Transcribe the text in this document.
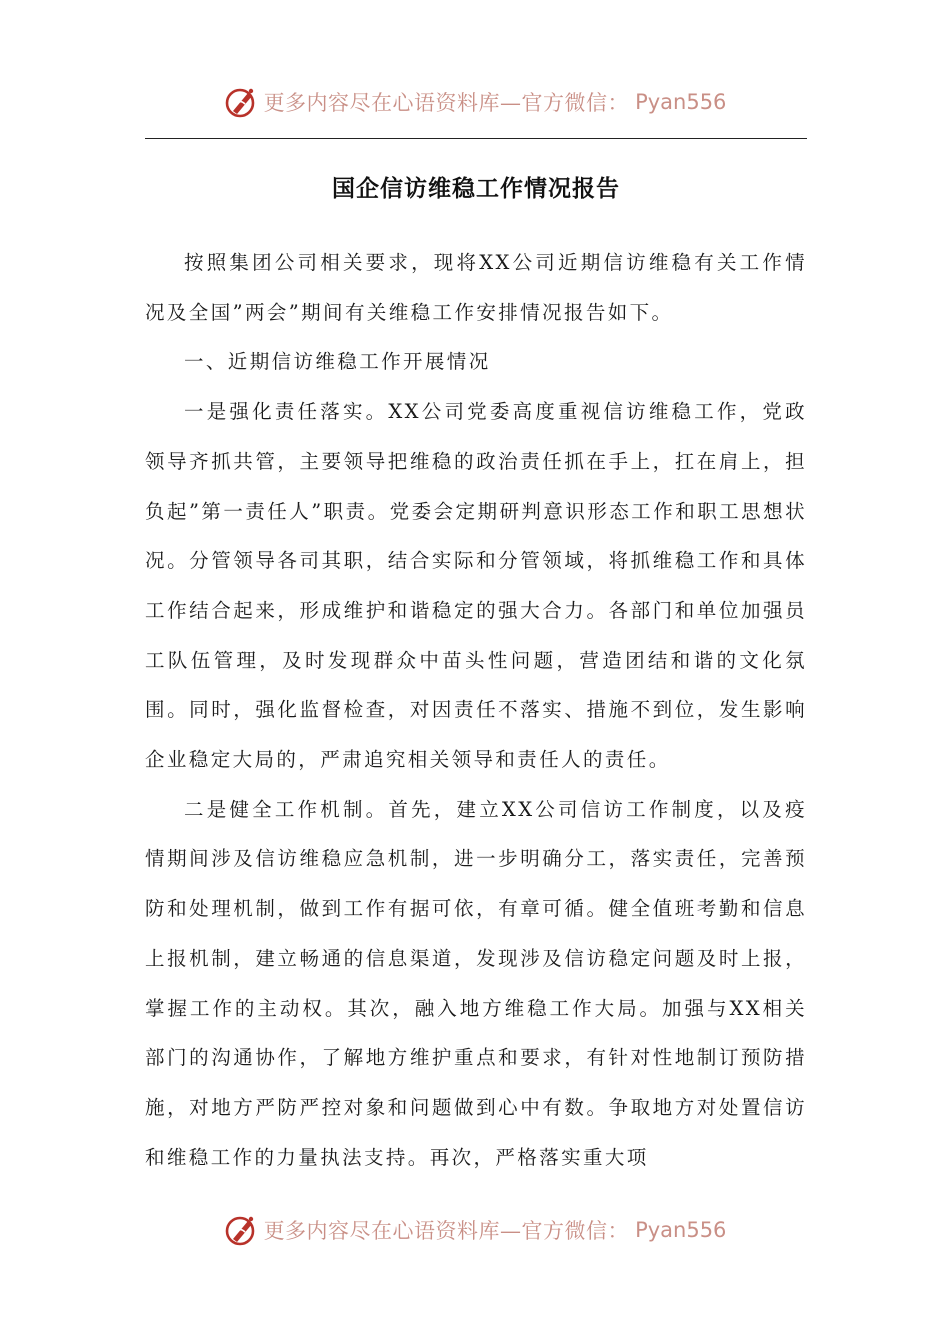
更多内容尽在心语资料库—官方微信： Pyan556
国企信访维稳工作情况报告

按照集团公司相关要求，现将XX公司近期信访维稳有关工作情况及全国”两会”期间有关维稳工作安排情况报告如下。

一、近期信访维稳工作开展情况

一是强化责任落实。XX公司党委高度重视信访维稳工作，党政领导齐抓共管，主要领导把维稳的政治责任抓在手上，扛在肩上，担负起”第一责任人”职责。党委会定期研判意识形态工作和职工思想状况。分管领导各司其职，结合实际和分管领域，将抓维稳工作和具体工作结合起来，形成维护和谐稳定的强大合力。各部门和单位加强员工队伍管理，及时发现群众中苗头性问题，营造团结和谐的文化氛围。同时，强化监督检查，对因责任不落实、措施不到位，发生影响企业稳定大局的，严肃追究相关领导和责任人的责任。

二是健全工作机制。首先，建立XX公司信访工作制度，以及疫情期间涉及信访维稳应急机制，进一步明确分工，落实责任，完善预防和处理机制，做到工作有据可依，有章可循。健全值班考勤和信息上报机制，建立畅通的信息渠道，发现涉及信访稳定问题及时上报，掌握工作的主动权。其次，融入地方维稳工作大局。加强与XX相关部门的沟通协作，了解地方维护重点和要求，有针对性地制订预防措施，对地方严防严控对象和问题做到心中有数。争取地方对处置信访和维稳工作的力量执法支持。再次，严格落实重大项

更多内容尽在心语资料库—官方微信： Pyan556
